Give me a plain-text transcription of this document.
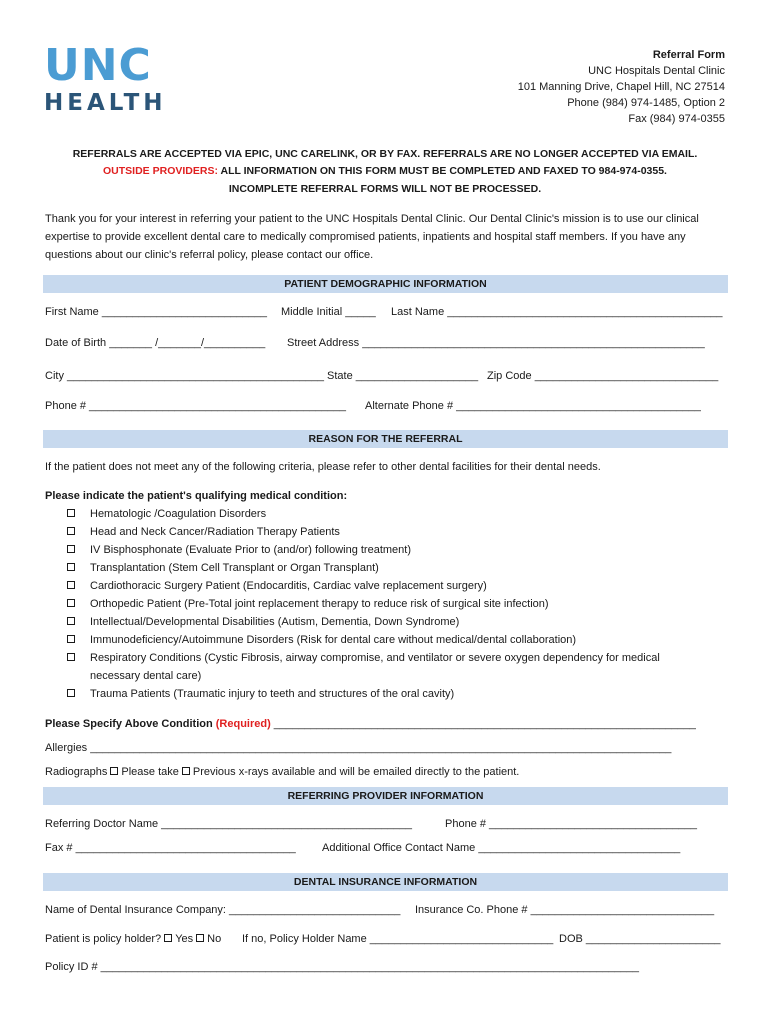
UNC
HEALTH
Referral Form
UNC Hospitals Dental Clinic
101 Manning Drive, Chapel Hill, NC 27514
Phone (984) 974-1485, Option 2
Fax (984) 974-0355
REFERRALS ARE ACCEPTED VIA EPIC, UNC CARELINK, OR BY FAX. REFERRALS ARE NO LONGER ACCEPTED VIA EMAIL.
OUTSIDE PROVIDERS: ALL INFORMATION ON THIS FORM MUST BE COMPLETED AND FAXED TO 984-974-0355.
INCOMPLETE REFERRAL FORMS WILL NOT BE PROCESSED.
Thank you for your interest in referring your patient to the UNC Hospitals Dental Clinic. Our Dental Clinic's mission is to use our clinical expertise to provide excellent dental care to medically compromised patients, inpatients and hospital staff members. If you have any questions about our clinic's referral policy, please contact our office.
PATIENT DEMOGRAPHIC INFORMATION
First Name ___________________________ Middle Initial _____ Last Name _____________________________________________
Date of Birth _______ /_______/__________ Street Address ________________________________________________________
City __________________________________________ State ____________________ Zip Code ______________________________
Phone # __________________________________________ Alternate Phone # ________________________________________
REASON FOR THE REFERRAL
If the patient does not meet any of the following criteria, please refer to other dental facilities for their dental needs.
Please indicate the patient's qualifying medical condition:
Hematologic /Coagulation Disorders
Head and Neck Cancer/Radiation Therapy Patients
IV Bisphosphonate (Evaluate Prior to (and/or) following treatment)
Transplantation (Stem Cell Transplant or Organ Transplant)
Cardiothoracic Surgery Patient (Endocarditis, Cardiac valve replacement surgery)
Orthopedic Patient (Pre-Total joint replacement therapy to reduce risk of surgical site infection)
Intellectual/Developmental Disabilities (Autism, Dementia, Down Syndrome)
Immunodeficiency/Autoimmune Disorders (Risk for dental care without medical/dental collaboration)
Respiratory Conditions (Cystic Fibrosis, airway compromise, and ventilator or severe oxygen dependency for medical necessary dental care)
Trauma Patients (Traumatic injury to teeth and structures of the oral cavity)
Please Specify Above Condition (Required) _____________________________________________________________________
Allergies _______________________________________________________________________________________________
Radiographs Please take Previous x-rays available and will be emailed directly to the patient.
REFERRING PROVIDER INFORMATION
Referring Doctor Name _________________________________________	Phone # __________________________________
Fax # ____________________________________ Additional Office Contact Name _________________________________
DENTAL INSURANCE INFORMATION
Name of Dental Insurance Company: ____________________________ Insurance Co. Phone # ______________________________
Patient is policy holder? Yes No If no, Policy Holder Name ______________________________ DOB ______________________
Policy ID # ________________________________________________________________________________________
